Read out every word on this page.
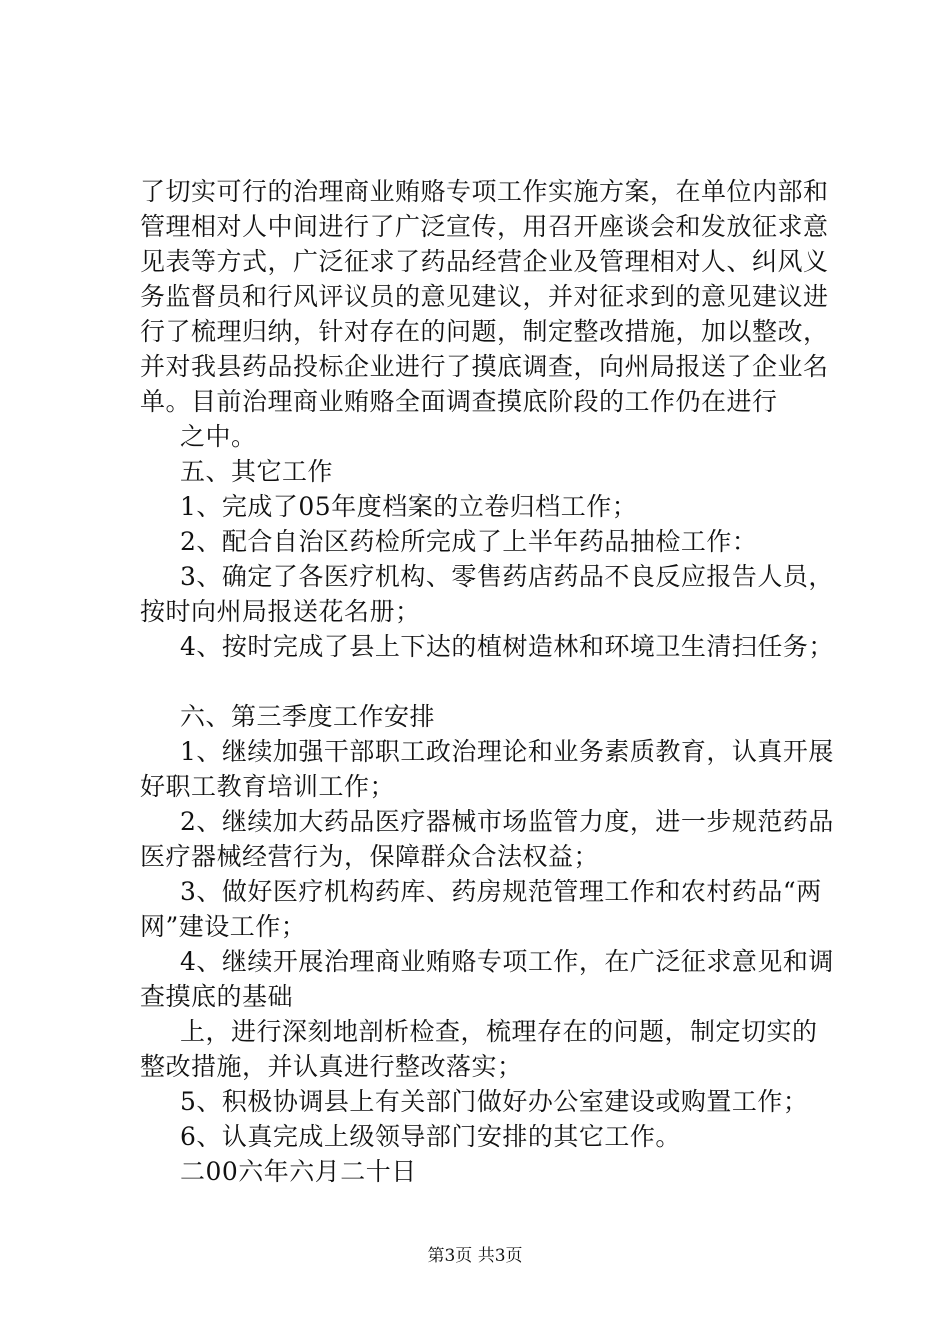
了切实可行的治理商业贿赂专项工作实施方案，在单位内部和
管理相对人中间进行了广泛宣传，用召开座谈会和发放征求意
见表等方式，广泛征求了药品经营企业及管理相对人、纠风义
务监督员和行风评议员的意见建议，并对征求到的意见建议进
行了梳理归纳，针对存在的问题，制定整改措施，加以整改，
并对我县药品投标企业进行了摸底调查，向州局报送了企业名
单。目前治理商业贿赂全面调查摸底阶段的工作仍在进行
之中。
五、其它工作
1、完成了05年度档案的立卷归档工作；
2、配合自治区药检所完成了上半年药品抽检工作：
3、确定了各医疗机构、零售药店药品不良反应报告人员，
按时向州局报送花名册；
4、按时完成了县上下达的植树造林和环境卫生清扫任务；
六、第三季度工作安排
1、继续加强干部职工政治理论和业务素质教育，认真开展
好职工教育培训工作；
2、继续加大药品医疗器械市场监管力度，进一步规范药品
医疗器械经营行为，保障群众合法权益；
3、做好医疗机构药库、药房规范管理工作和农村药品“两
网”建设工作；
4、继续开展治理商业贿赂专项工作，在广泛征求意见和调
查摸底的基础
上，进行深刻地剖析检查，梳理存在的问题，制定切实的
整改措施，并认真进行整改落实；
5、积极协调县上有关部门做好办公室建设或购置工作；
6、认真完成上级领导部门安排的其它工作。
二00六年六月二十日
第3页 共3页
